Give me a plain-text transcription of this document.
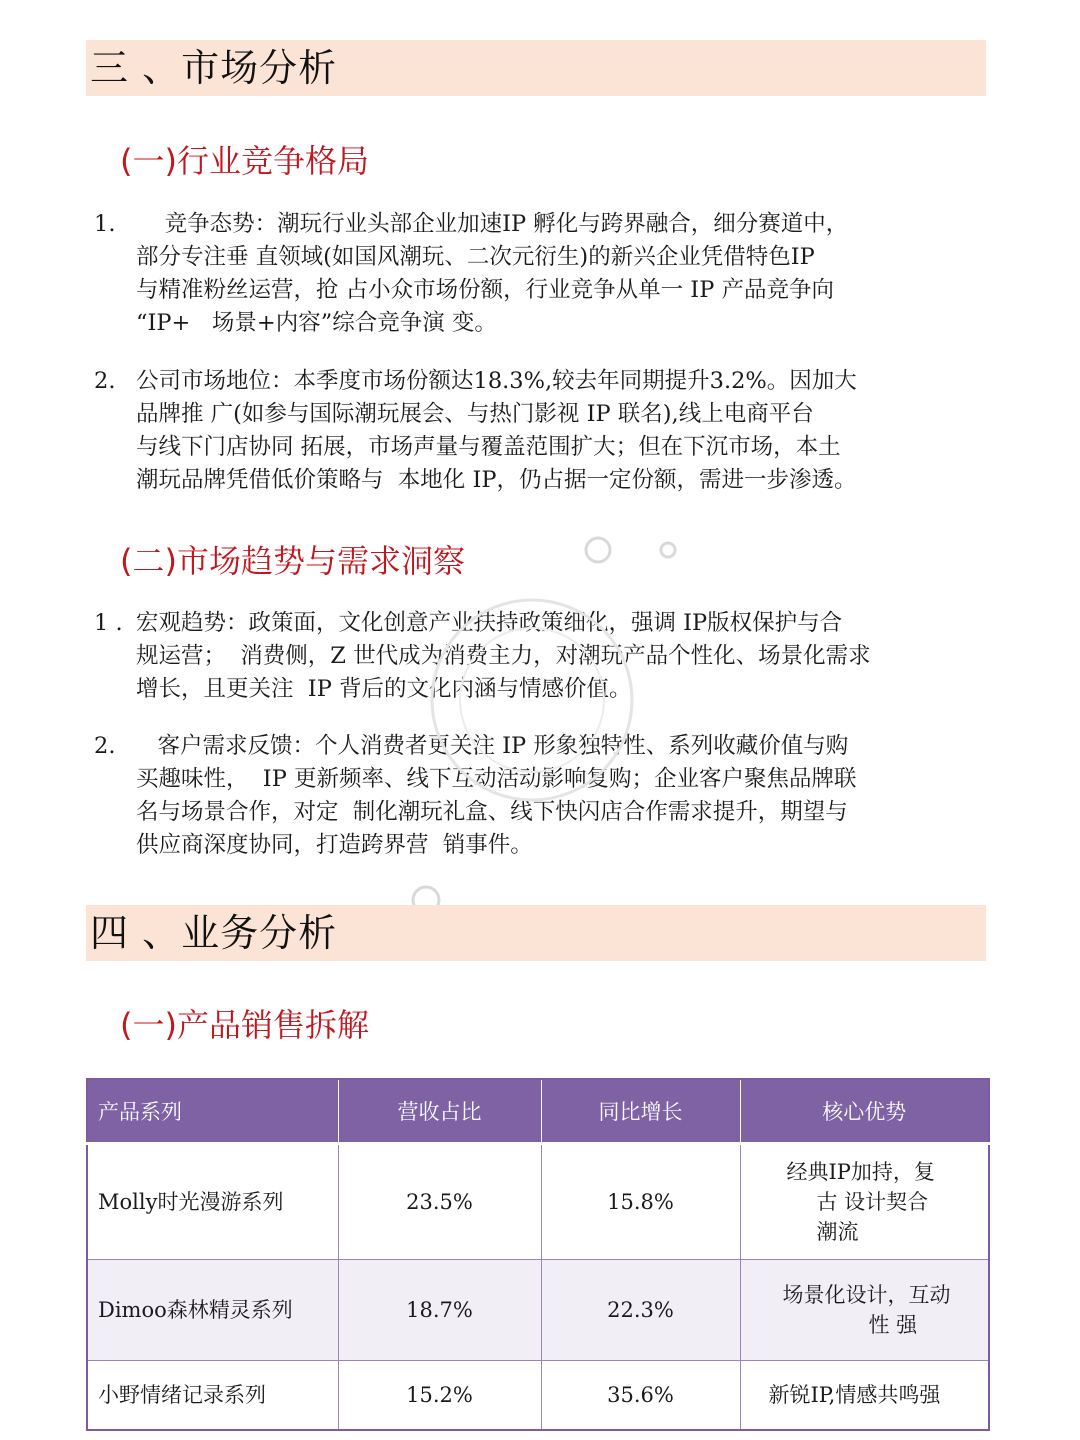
三 、市场分析
(一)行业竞争格局
1. 竞争态势：潮玩行业头部企业加速IP 孵化与跨界融合，细分赛道中，
部分专注垂 直领域(如国风潮玩、二次元衍生)的新兴企业凭借特色IP
与精准粉丝运营，抢 占小众市场份额，行业竞争从单一 IP 产品竞争向
“IP+   场景+内容”综合竞争演 变。
2. 公司市场地位：本季度市场份额达18.3%,较去年同期提升3.2%。因加大
品牌推 广(如参与国际潮玩展会、与热门影视 IP 联名),线上电商平台
与线下门店协同 拓展，市场声量与覆盖范围扩大；但在下沉市场，本土
潮玩品牌凭借低价策略与  本地化 IP，仍占据一定份额，需进一步渗透。
(二)市场趋势与需求洞察
1 . 宏观趋势：政策面，文化创意产业扶持政策细化，强调 IP版权保护与合
规运营；  消费侧，Z 世代成为消费主力，对潮玩产品个性化、场景化需求
增长，且更关注  IP 背后的文化内涵与情感价值。
2. 客户需求反馈：个人消费者更关注 IP 形象独特性、系列收藏价值与购
买趣味性，  IP 更新频率、线下互动活动影响复购；企业客户聚焦品牌联
名与场景合作，对定  制化潮玩礼盒、线下快闪店合作需求提升，期望与
供应商深度协同，打造跨界营  销事件。
四 、业务分析
(一)产品销售拆解
产品系列	营收占比	同比增长	核心优势
Molly时光漫游系列	23.5%	15.8%	经典IP加持，复
古 设计契合
潮流

Dimoo森林精灵系列	18.7%	22.3%	场景化设计，互动
性 强

小野情绪记录系列	15.2%	35.6%	新锐IP,情感共鸣强
